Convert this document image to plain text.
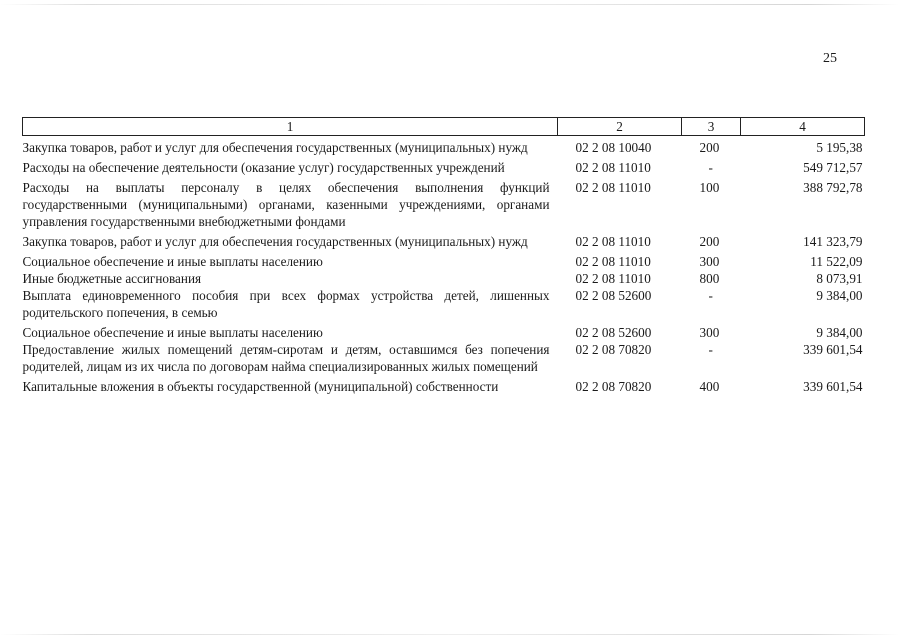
25
1	2	3	4
Закупка товаров, работ и услуг для обеспечения государственных (муниципальных) нужд	02 2 08 10040	200	5 195,38
Расходы на обеспечение деятельности (оказание услуг) государственных учреждений	02 2 08 11010	-	549 712,57
Расходы на выплаты персоналу в целях обеспечения выполнения функций государственными (муниципальными) органами, казенными учреждениями, органами управления государственными внебюджетными фондами	02 2 08 11010	100	388 792,78
Закупка товаров, работ и услуг для обеспечения государственных (муниципальных) нужд	02 2 08 11010	200	141 323,79
Социальное обеспечение и иные выплаты населению	02 2 08 11010	300	11 522,09
Иные бюджетные ассигнования	02 2 08 11010	800	8 073,91
Выплата единовременного пособия при всех формах устройства детей, лишенных родительского попечения, в семью	02 2 08 52600	-	9 384,00
Социальное обеспечение и иные выплаты населению	02 2 08 52600	300	9 384,00
Предоставление жилых помещений детям-сиротам и детям, оставшимся без попечения родителей, лицам из их числа по договорам найма специализированных жилых помещений	02 2 08 70820	-	339 601,54
Капитальные вложения в объекты государственной (муниципальной) собственности	02 2 08 70820	400	339 601,54
